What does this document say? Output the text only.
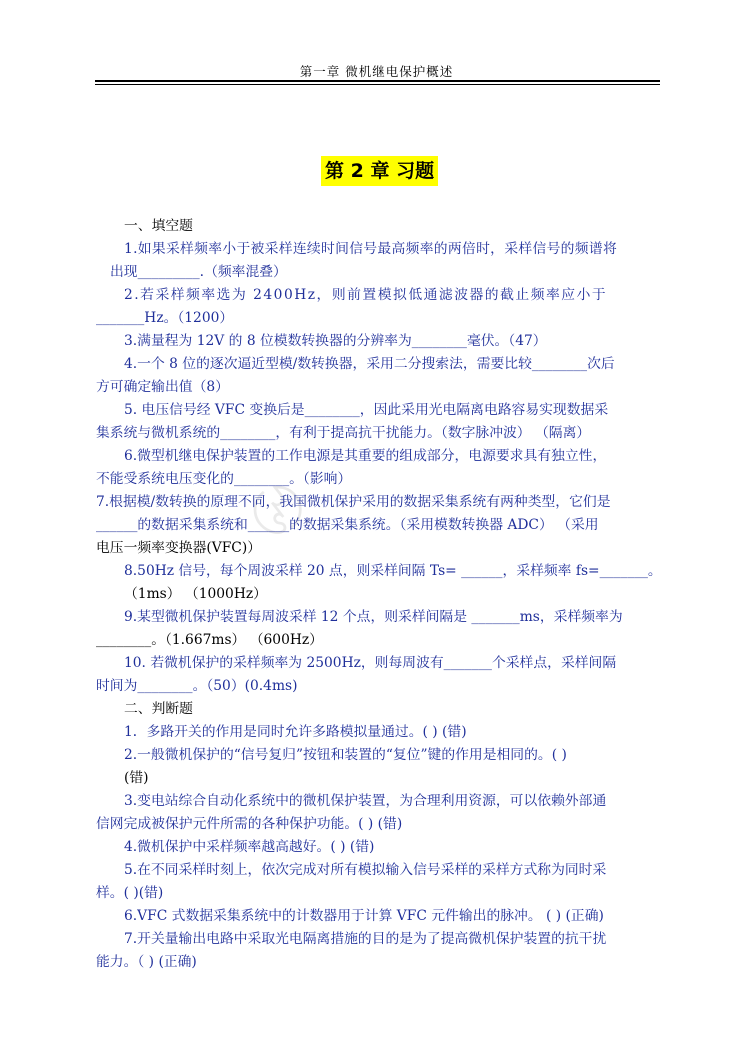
第一章 微机继电保护概述
第 2 章 习题
〄
一、填空题
1.如果采样频率小于被采样连续时间信号最高频率的两倍时，采样信号的频谱将
出现_________.（频率混叠）
2.若采样频率选为 2400Hz，则前置模拟低通滤波器的截止频率应小于
_______Hz。（1200）
3.满量程为 12V 的 8 位模数转换器的分辨率为________毫伏。（47）
4.一个 8 位的逐次逼近型模/数转换器，采用二分搜索法，需要比较________次后
方可确定输出值（8）
5. 电压信号经 VFC 变换后是________，因此采用光电隔离电路容易实现数据采
集系统与微机系统的________，有利于提高抗干扰能力。（数字脉冲波） （隔离）
6.微型机继电保护装置的工作电源是其重要的组成部分，电源要求具有独立性，
不能受系统电压变化的________。（影响）
7.根据模/数转换的原理不同，我国微机保护采用的数据采集系统有两种类型，它们是
______的数据采集系统和______的数据采集系统。（采用模数转换器 ADC） （采用
电压一频率变换器(VFC)）
8.50Hz 信号，每个周波采样 20 点，则采样间隔 Ts= ______，采样频率 fs=_______。
（1ms） （1000Hz）
9.某型微机保护装置每周波采样 12 个点，则采样间隔是 _______ms，采样频率为
________。（1.667ms） （600Hz）
10. 若微机保护的采样频率为 2500Hz，则每周波有_______个采样点，采样间隔
时间为________。（50）(0.4ms)
二、判断题
1．多路开关的作用是同时允许多路模拟量通过。( ) (错)
2.一般微机保护的“信号复归”按钮和装置的“复位”键的作用是相同的。( )
(错)
3.变电站综合自动化系统中的微机保护装置，为合理利用资源，可以依赖外部通
信网完成被保护元件所需的各种保护功能。( ) (错)
4.微机保护中采样频率越高越好。( ) (错)
5.在不同采样时刻上，依次完成对所有模拟输入信号采样的采样方式称为同时采
样。( )(错)
6.VFC 式数据采集系统中的计数器用于计算 VFC 元件输出的脉冲。 ( ) (正确)
7.开关量输出电路中采取光电隔离措施的目的是为了提高微机保护装置的抗干扰
能力。（ ) (正确)
